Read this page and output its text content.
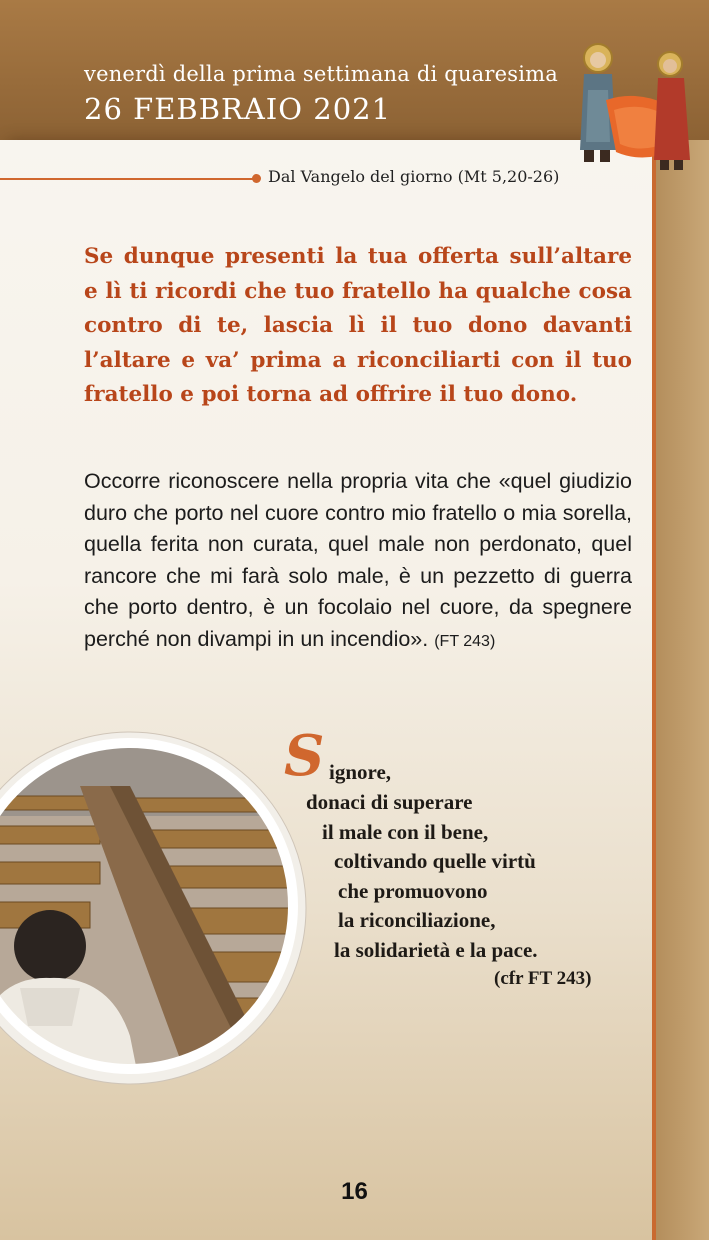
venerdì della prima settimana di quaresima
26 FEBBRAIO 2021
Dal Vangelo del giorno (Mt 5,20-26)
Se dunque presenti la tua offerta sull’altare e lì ti ricordi che tuo fratello ha qualche cosa contro di te, lascia lì il tuo dono davanti l’altare e va’ prima a riconciliarti con il tuo fratello e poi torna ad offrire il tuo dono.
Occorre riconoscere nella propria vita che «quel giudizio duro che porto nel cuore contro mio fratello o mia sorella, quella ferita non curata, quel male non perdonato, quel rancore che mi farà solo male, è un pezzetto di guerra che porto dentro, è un focolaio nel cuore, da spegnere perché non divampi in un incendio». (FT 243)
S ignore,
donaci di superare
il male con il bene,
coltivando quelle virtù
che promuovono
la riconciliazione,
la solidarietà e la pace.
(cfr FT 243)
16
